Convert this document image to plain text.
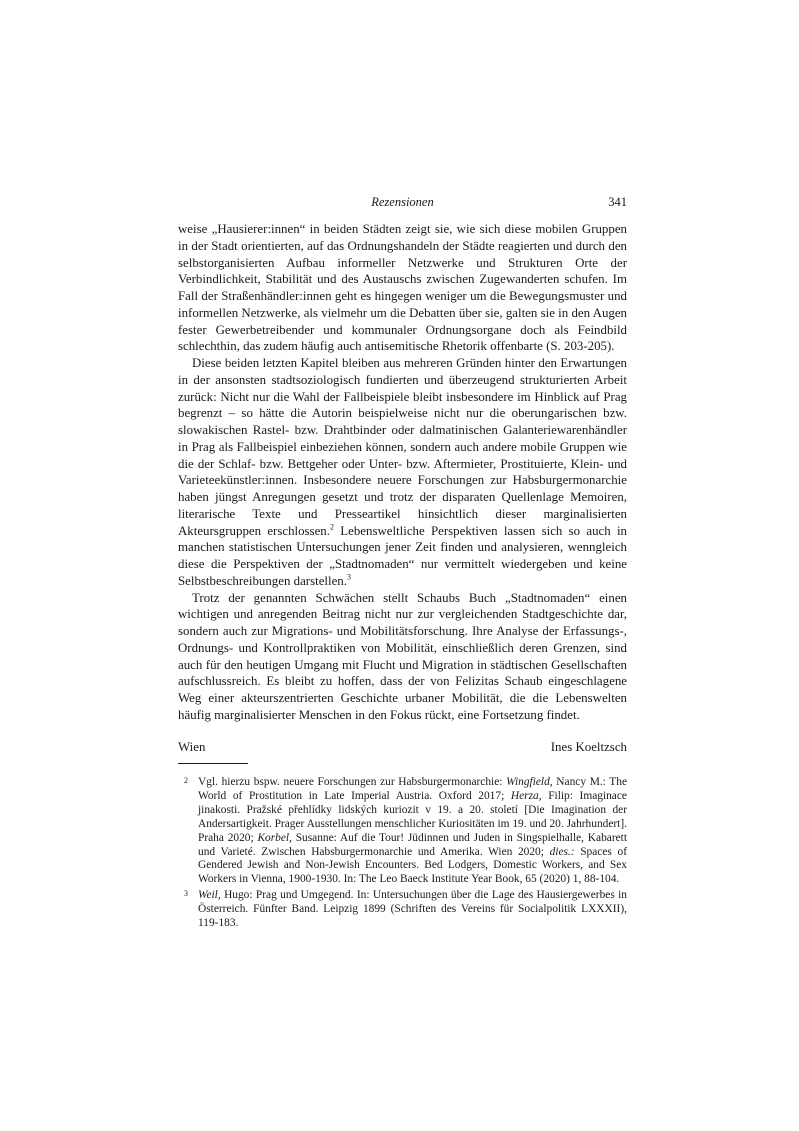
Rezensionen	341

weise „Hausierer:innen“ in beiden Städten zeigt sie, wie sich diese mobilen Gruppen in der Stadt orientierten, auf das Ordnungshandeln der Städte reagierten und durch den selbstorganisierten Aufbau informeller Netzwerke und Strukturen Orte der Verbindlichkeit, Stabilität und des Austauschs zwischen Zugewanderten schufen. Im Fall der Straßenhändler:innen geht es hingegen weniger um die Bewegungsmuster und informellen Netzwerke, als vielmehr um die Debatten über sie, galten sie in den Augen fester Gewerbetreibender und kommunaler Ordnungsorgane doch als Feindbild schlechthin, das zudem häufig auch antisemitische Rhetorik offenbarte (S. 203-205).

Diese beiden letzten Kapitel bleiben aus mehreren Gründen hinter den Erwartungen in der ansonsten stadtsoziologisch fundierten und überzeugend strukturierten Arbeit zurück: Nicht nur die Wahl der Fallbeispiele bleibt insbesondere im Hinblick auf Prag begrenzt – so hätte die Autorin beispielweise nicht nur die oberungarischen bzw. slowakischen Rastel- bzw. Drahtbinder oder dalmatinischen Galanteriewarenhändler in Prag als Fallbeispiel einbeziehen können, sondern auch andere mobile Gruppen wie die der Schlaf- bzw. Bettgeher oder Unter- bzw. Aftermieter, Prostituierte, Klein- und Varieteekünstler:innen. Insbesondere neuere Forschungen zur Habsburgermonarchie haben jüngst Anregungen gesetzt und trotz der disparaten Quellenlage Memoiren, literarische Texte und Presseartikel hinsichtlich dieser marginalisierten Akteursgruppen erschlossen.$^2$ Lebensweltliche Perspektiven lassen sich so auch in manchen statistischen Untersuchungen jener Zeit finden und analysieren, wenngleich diese die Perspektiven der „Stadtnomaden“ nur vermittelt wiedergeben und keine Selbstbeschreibungen darstellen.$^3$

Trotz der genannten Schwächen stellt Schaubs Buch „Stadtnomaden“ einen wichtigen und anregenden Beitrag nicht nur zur vergleichenden Stadtgeschichte dar, sondern auch zur Migrations- und Mobilitätsforschung. Ihre Analyse der Erfassungs-, Ordnungs- und Kontrollpraktiken von Mobilität, einschließlich deren Grenzen, sind auch für den heutigen Umgang mit Flucht und Migration in städtischen Gesellschaften aufschlussreich. Es bleibt zu hoffen, dass der von Felizitas Schaub eingeschlagene Weg einer akteurszentrierten Geschichte urbaner Mobilität, die die Lebenswelten häufig marginalisierter Menschen in den Fokus rückt, eine Fortsetzung findet.

Wien	Ines Koeltzsch
2 Vgl. hierzu bspw. neuere Forschungen zur Habsburgermonarchie: Wingfield, Nancy M.: The World of Prostitution in Late Imperial Austria. Oxford 2017; Herza, Filip: Imaginace jinakosti. Pražské přehlídky lidských kuriozit v 19. a 20. století [Die Imagination der Andersartigkeit. Prager Ausstellungen menschlicher Kuriositäten im 19. und 20. Jahrhundert]. Praha 2020; Korbel, Susanne: Auf die Tour! Jüdinnen und Juden in Singspielhalle, Kabarett und Varieté. Zwischen Habsburgermonarchie und Amerika. Wien 2020; dies.: Spaces of Gendered Jewish and Non-Jewish Encounters. Bed Lodgers, Domestic Workers, and Sex Workers in Vienna, 1900-1930. In: The Leo Baeck Institute Year Book, 65 (2020) 1, 88-104.
3 Weil, Hugo: Prag und Umgegend. In: Untersuchungen über die Lage des Hausiergewerbes in Österreich. Fünfter Band. Leipzig 1899 (Schriften des Vereins für Socialpolitik LXXXII), 119-183.
